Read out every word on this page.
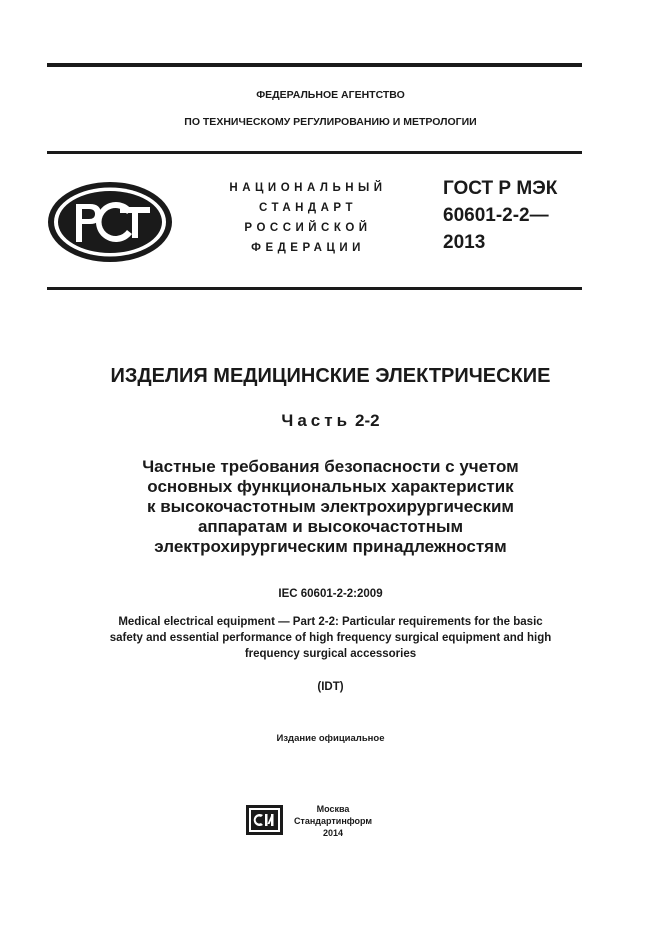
ФЕДЕРАЛЬНОЕ АГЕНТСТВО
ПО ТЕХНИЧЕСКОМУ РЕГУЛИРОВАНИЮ И МЕТРОЛОГИИ
НАЦИОНАЛЬНЫЙ
СТАНДАРТ
РОССИЙСКОЙ
ФЕДЕРАЦИИ
ГОСТ Р МЭК
60601-2-2—
2013
ИЗДЕЛИЯ МЕДИЦИНСКИЕ ЭЛЕКТРИЧЕСКИЕ
Часть 2-2
Частные требования безопасности с учетом
основных функциональных характеристик
к высокочастотным электрохирургическим
аппаратам и высокочастотным
электрохирургическим принадлежностям
IEC 60601-2-2:2009
Medical electrical equipment — Part 2-2: Particular requirements for the basic
safety and essential performance of high frequency surgical equipment and high
frequency surgical accessories
(IDT)
Издание официальное
Москва
Стандартинформ
2014
